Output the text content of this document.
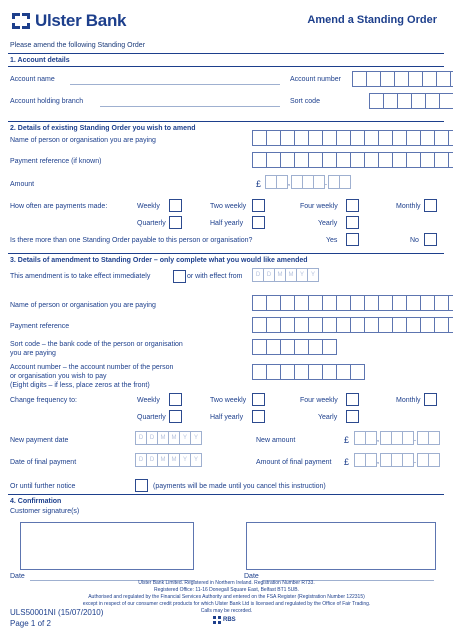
Ulster Bank	Amend a Standing Order
Please amend the following Standing Order
1. Account details
Account name	Account number
Account holding branch	Sort code
2. Details of existing Standing Order you wish to amend
Name of person or organisation you are paying
Payment reference (if known)
Amount	£	,	.
How often are payments made:	Weekly	Two weekly	Four weekly	Monthly
Quarterly	Half yearly	Yearly
Is there more than one Standing Order payable to this person or organisation?	Yes	No
3. Details of amendment to Standing Order – only complete what you would like amended
This amendment is to take effect immediately	or with effect from	D	D	M	M	Y	Y
Name of person or organisation you are paying
Payment reference
Sort code – the bank code of the person or organisation
you are paying
Account number – the account number of the person
or organisation you wish to pay
(Eight digits – if less, place zeros at the front)
Change frequency to:	Weekly	Two weekly	Four weekly	Monthly
Quarterly	Half yearly	Yearly
New payment date	D	D	M	M	Y	Y	New amount	£	,	.
Date of final payment	D	D	M	M	Y	Y	Amount of final payment £	,	.
Or until further notice	(payments will be made until you cancel this instruction)
4. Confirmation
Customer signature(s)
Date	Date
Ulster Bank Limited. Registered in Northern Ireland. Registration Number R733.
Registered Office: 11-16 Donegall Square East, Belfast BT1 5UB.
Authorised and regulated by the Financial Services Authority and entered on the FSA Register (Registration Number 122315)
except in respect of our consumer credit products for which Ulster Bank Ltd is licensed and regulated by the Office of Fair Trading.
Calls may be recorded.
RBS
ULS50001NI (15/07/2010)
Page 1 of 2
